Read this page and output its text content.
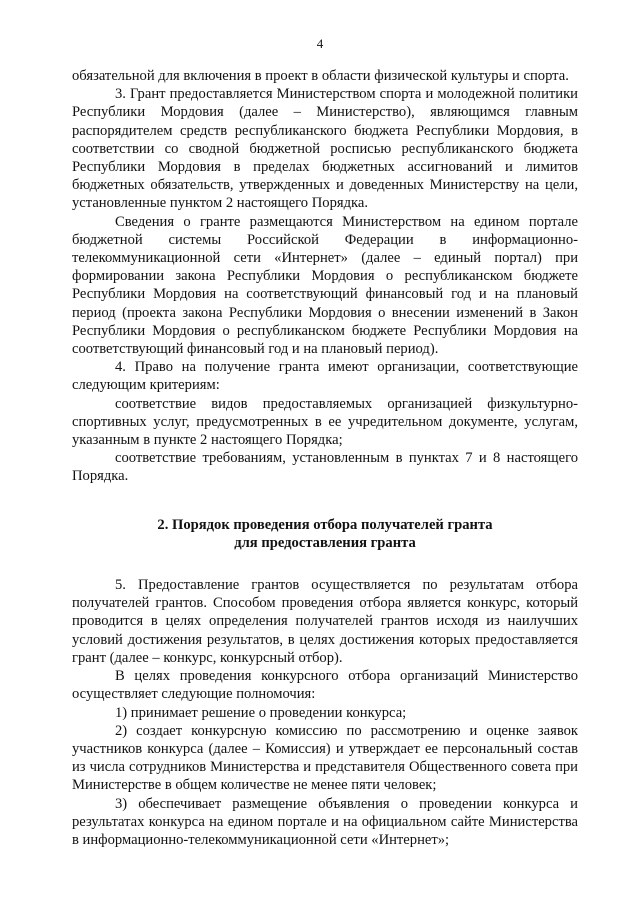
4

обязательной для включения в проект в области физической культуры и спорта.

3. Грант предоставляется Министерством спорта и молодежной политики Республики Мордовия (далее – Министерство), являющимся главным распорядителем средств республиканского бюджета Республики Мордовия, в соответствии со сводной бюджетной росписью республиканского бюджета Республики Мордовия в пределах бюджетных ассигнований и лимитов бюджетных обязательств, утвержденных и доведенных Министерству на цели, установленные пунктом 2 настоящего Порядка.

Сведения о гранте размещаются Министерством на едином портале бюджетной системы Российской Федерации в информационно-телекоммуникационной сети «Интернет» (далее – единый портал) при формировании закона Республики Мордовия о республиканском бюджете Республики Мордовия на соответствующий финансовый год и на плановый период (проекта закона Республики Мордовия о внесении изменений в Закон Республики Мордовия о республиканском бюджете Республики Мордовия на соответствующий финансовый год и на плановый период).

4. Право на получение гранта имеют организации, соответствующие следующим критериям:

соответствие видов предоставляемых организацией физкультурно-спортивных услуг, предусмотренных в ее учредительном документе, услугам, указанным в пункте 2 настоящего Порядка;

соответствие требованиям, установленным в пунктах 7 и 8 настоящего Порядка.

2. Порядок проведения отбора получателей гранта
для предоставления гранта

5. Предоставление грантов осуществляется по результатам отбора получателей грантов. Способом проведения отбора является конкурс, который проводится в целях определения получателей грантов исходя из наилучших условий достижения результатов, в целях достижения которых предоставляется грант (далее – конкурс, конкурсный отбор).

В целях проведения конкурсного отбора организаций Министерство осуществляет следующие полномочия:

1) принимает решение о проведении конкурса;

2) создает конкурсную комиссию по рассмотрению и оценке заявок участников конкурса (далее – Комиссия) и утверждает ее персональный состав из числа сотрудников Министерства и представителя Общественного совета при Министерстве в общем количестве не менее пяти человек;

3) обеспечивает размещение объявления о проведении конкурса и результатах конкурса на едином портале и на официальном сайте Министерства в информационно-телекоммуникационной сети «Интернет»;
